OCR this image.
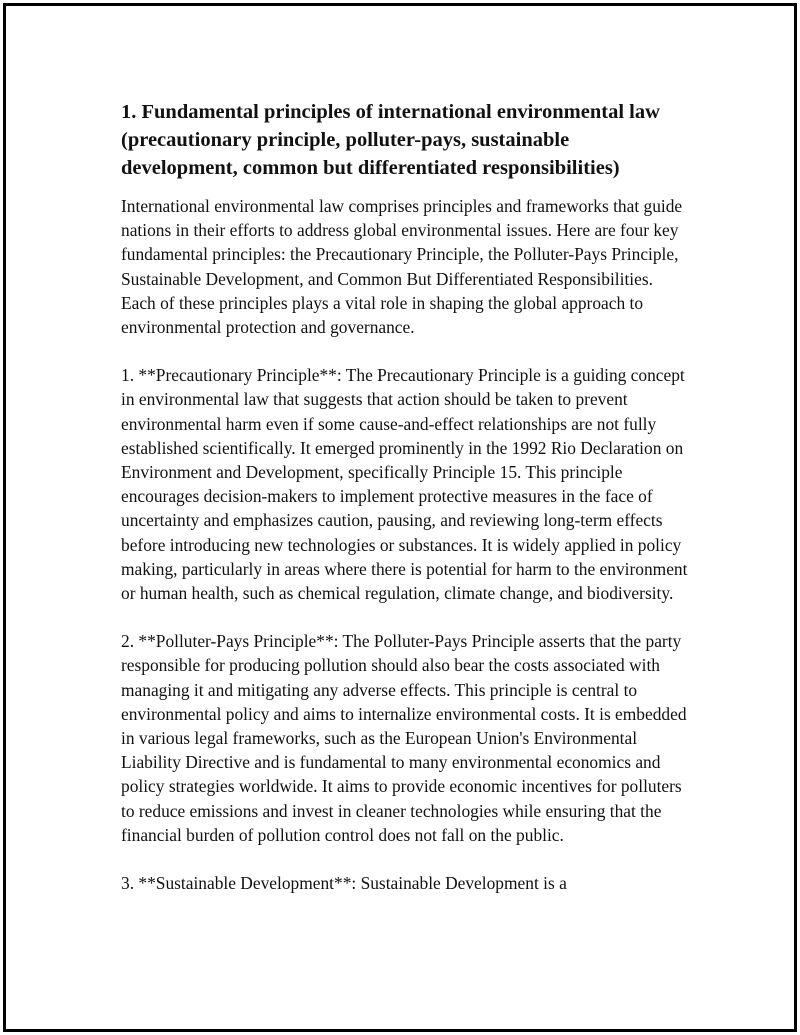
1. Fundamental principles of international environmental law (precautionary principle, polluter-pays, sustainable development, common but differentiated responsibilities)

International environmental law comprises principles and frameworks that guide nations in their efforts to address global environmental issues. Here are four key fundamental principles: the Precautionary Principle, the Polluter-Pays Principle, Sustainable Development, and Common But Differentiated Responsibilities. Each of these principles plays a vital role in shaping the global approach to environmental protection and governance.

1. **Precautionary Principle**: The Precautionary Principle is a guiding concept in environmental law that suggests that action should be taken to prevent environmental harm even if some cause-and-effect relationships are not fully established scientifically. It emerged prominently in the 1992 Rio Declaration on Environment and Development, specifically Principle 15. This principle encourages decision-makers to implement protective measures in the face of uncertainty and emphasizes caution, pausing, and reviewing long-term effects before introducing new technologies or substances. It is widely applied in policy making, particularly in areas where there is potential for harm to the environment or human health, such as chemical regulation, climate change, and biodiversity.

2. **Polluter-Pays Principle**: The Polluter-Pays Principle asserts that the party responsible for producing pollution should also bear the costs associated with managing it and mitigating any adverse effects. This principle is central to environmental policy and aims to internalize environmental costs. It is embedded in various legal frameworks, such as the European Union's Environmental Liability Directive and is fundamental to many environmental economics and policy strategies worldwide. It aims to provide economic incentives for polluters to reduce emissions and invest in cleaner technologies while ensuring that the financial burden of pollution control does not fall on the public.

3. **Sustainable Development**: Sustainable Development is a
